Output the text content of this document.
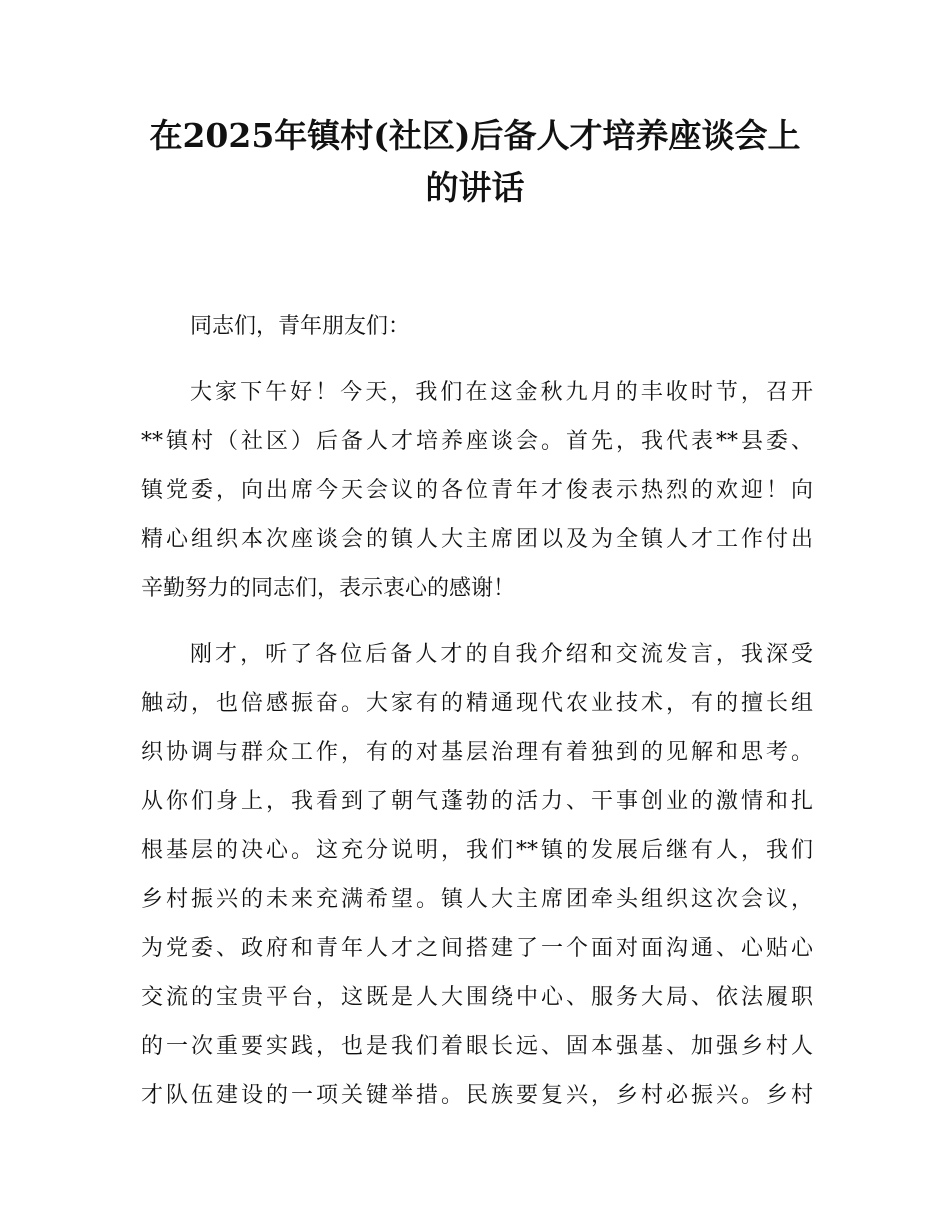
在2025年镇村(社区)后备人才培养座谈会上
的讲话
同志们，青年朋友们：
大家下午好！今天，我们在这金秋九月的丰收时节，召开
**镇村（社区）后备人才培养座谈会。首先，我代表**县委、
镇党委，向出席今天会议的各位青年才俊表示热烈的欢迎！向
精心组织本次座谈会的镇人大主席团以及为全镇人才工作付出
辛勤努力的同志们，表示衷心的感谢！
刚才，听了各位后备人才的自我介绍和交流发言，我深受
触动，也倍感振奋。大家有的精通现代农业技术，有的擅长组
织协调与群众工作，有的对基层治理有着独到的见解和思考。
从你们身上，我看到了朝气蓬勃的活力、干事创业的激情和扎
根基层的决心。这充分说明，我们**镇的发展后继有人，我们
乡村振兴的未来充满希望。镇人大主席团牵头组织这次会议，
为党委、政府和青年人才之间搭建了一个面对面沟通、心贴心
交流的宝贵平台，这既是人大围绕中心、服务大局、依法履职
的一次重要实践，也是我们着眼长远、固本强基、加强乡村人
才队伍建设的一项关键举措。民族要复兴，乡村必振兴。乡村
